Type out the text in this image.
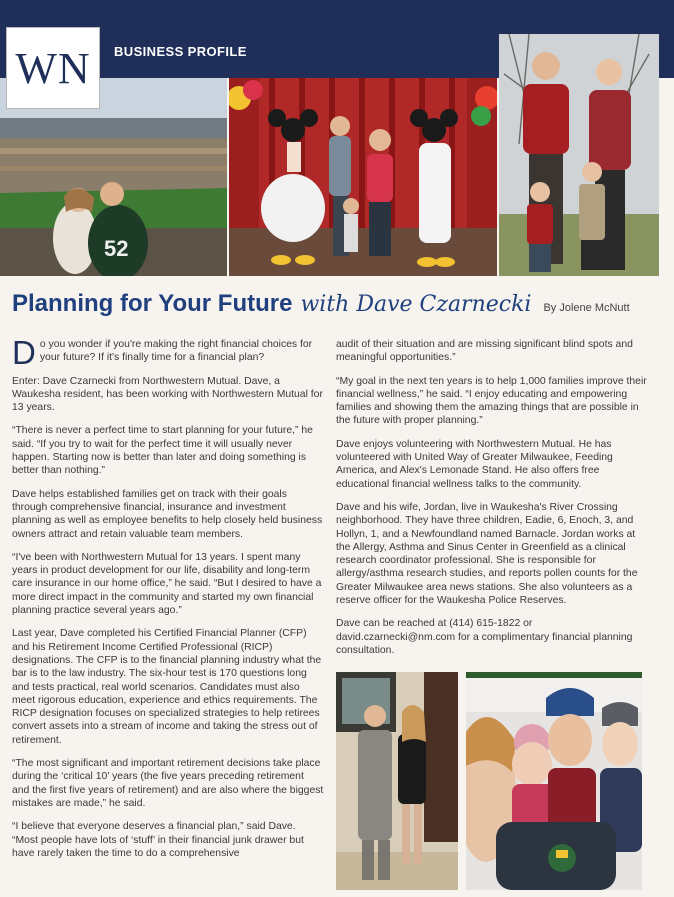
WN BUSINESS PROFILE
52
Planning for Your Future with Dave Czarnecki By Jolene McNutt

D o you wonder if you're making the right financial choices for your future? If it's finally time for a financial plan?

Enter: Dave Czarnecki from Northwestern Mutual. Dave, a Waukesha resident, has been working with Northwestern Mutual for 13 years.

“There is never a perfect time to start planning for your future,” he said. “If you try to wait for the perfect time it will usually never happen. Starting now is better than later and doing something is better than nothing.”

Dave helps established families get on track with their goals through comprehensive financial, insurance and investment planning as well as employee benefits to help closely held business owners attract and retain valuable team members.

“I've been with Northwestern Mutual for 13 years. I spent many years in product development for our life, disability and long-term care insurance in our home office,” he said. “But I desired to have a more direct impact in the community and started my own financial planning practice several years ago.”

Last year, Dave completed his Certified Financial Planner (CFP) and his Retirement Income Certified Professional (RICP) designations. The CFP is to the financial planning industry what the bar is to the law industry. The six-hour test is 170 questions long and tests practical, real world scenarios. Candidates must also meet rigorous education, experience and ethics requirements. The RICP designation focuses on specialized strategies to help retirees convert assets into a stream of income and taking the stress out of retirement.

“The most significant and important retirement decisions take place during the ‘critical 10’ years (the five years preceding retirement and the first five years of retirement) and are also where the biggest mistakes are made,” he said.

“I believe that everyone deserves a financial plan,” said Dave. “Most people have lots of ‘stuff’ in their financial junk drawer but have rarely taken the time to do a comprehensive

audit of their situation and are missing significant blind spots and meaningful opportunities.”

“My goal in the next ten years is to help 1,000 families improve their financial wellness,” he said. “I enjoy educating and empowering families and showing them the amazing things that are possible in the future with proper planning.”

Dave enjoys volunteering with Northwestern Mutual. He has volunteered with United Way of Greater Milwaukee, Feeding America, and Alex's Lemonade Stand. He also offers free educational financial wellness talks to the community.

Dave and his wife, Jordan, live in Waukesha's River Crossing neighborhood. They have three children, Eadie, 6, Enoch, 3, and Hollyn, 1, and a Newfoundland named Barnacle. Jordan works at the Allergy, Asthma and Sinus Center in Greenfield as a clinical research coordinator professional. She is responsible for allergy/asthma research studies, and reports pollen counts for the Greater Milwaukee area news stations. She also volunteers as a reserve officer for the Waukesha Police Reserves.

Dave can be reached at (414) 615-1822 or david.czarnecki@nm.com for a complimentary financial planning consultation.
